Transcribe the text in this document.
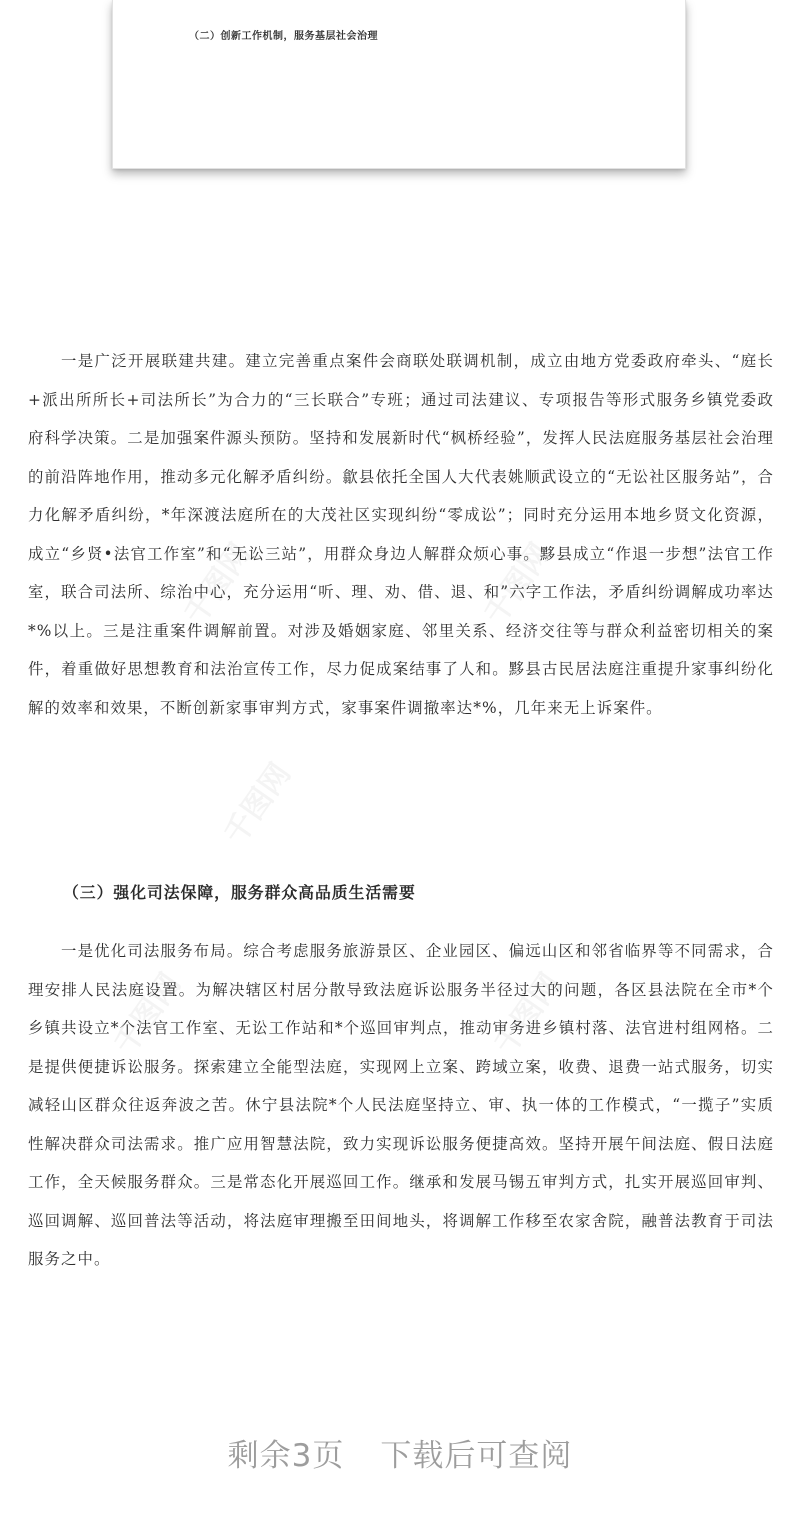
（二）创新工作机制，服务基层社会治理
千图网	千图网
千图网
千图网	千图网

一是广泛开展联建共建。建立完善重点案件会商联处联调机制，成立由地方党委政府牵头、“庭长+派出所所长+司法所长”为合力的“三长联合”专班；通过司法建议、专项报告等形式服务乡镇党委政府科学决策。二是加强案件源头预防。坚持和发展新时代“枫桥经验”，发挥人民法庭服务基层社会治理的前沿阵地作用，推动多元化解矛盾纠纷。歙县依托全国人大代表姚顺武设立的“无讼社区服务站”，合力化解矛盾纠纷，*年深渡法庭所在的大茂社区实现纠纷“零成讼”；同时充分运用本地乡贤文化资源，成立“乡贤•法官工作室”和“无讼三站”，用群众身边人解群众烦心事。黟县成立“作退一步想”法官工作室，联合司法所、综治中心，充分运用“听、理、劝、借、退、和”六字工作法，矛盾纠纷调解成功率达*%以上。三是注重案件调解前置。对涉及婚姻家庭、邻里关系、经济交往等与群众利益密切相关的案件，着重做好思想教育和法治宣传工作，尽力促成案结事了人和。黟县古民居法庭注重提升家事纠纷化解的效率和效果，不断创新家事审判方式，家事案件调撤率达*%，几年来无上诉案件。

（三）强化司法保障，服务群众高品质生活需要

一是优化司法服务布局。综合考虑服务旅游景区、企业园区、偏远山区和邻省临界等不同需求，合理安排人民法庭设置。为解决辖区村居分散导致法庭诉讼服务半径过大的问题，各区县法院在全市*个乡镇共设立*个法官工作室、无讼工作站和*个巡回审判点，推动审务进乡镇村落、法官进村组网格。二是提供便捷诉讼服务。探索建立全能型法庭，实现网上立案、跨域立案，收费、退费一站式服务，切实减轻山区群众往返奔波之苦。休宁县法院*个人民法庭坚持立、审、执一体的工作模式，“一揽子”实质性解决群众司法需求。推广应用智慧法院，致力实现诉讼服务便捷高效。坚持开展午间法庭、假日法庭工作，全天候服务群众。三是常态化开展巡回工作。继承和发展马锡五审判方式，扎实开展巡回审判、巡回调解、巡回普法等活动，将法庭审理搬至田间地头，将调解工作移至农家舍院，融普法教育于司法服务之中。

剩余3页 下载后可查阅
